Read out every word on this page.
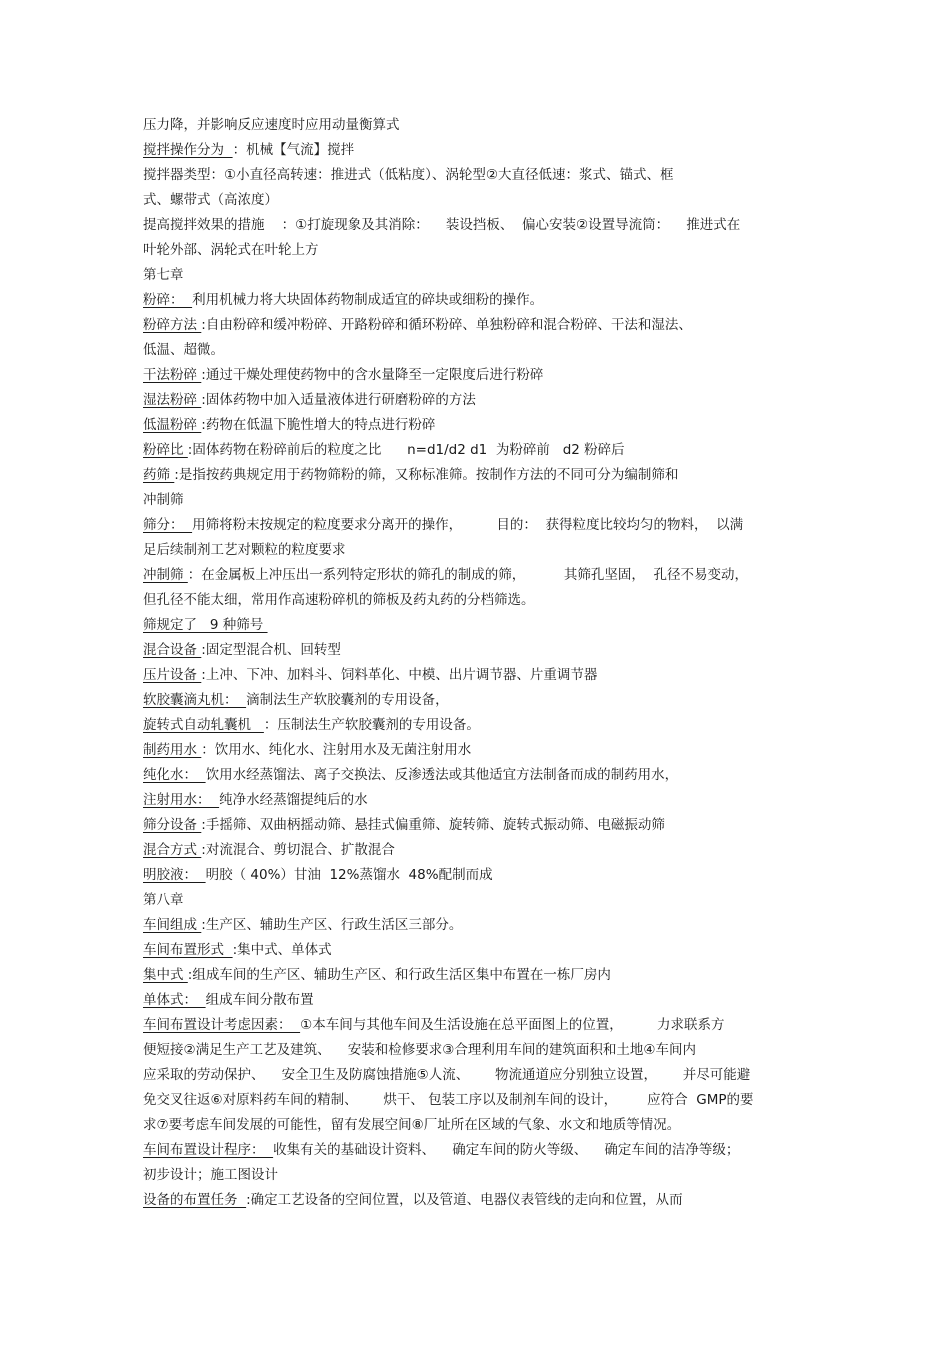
压力降，并影响反应速度时应用动量衡算式
搅拌操作分为  ：机械【气流】搅拌
搅拌器类型：①小直径高转速：推进式（低粘度）、涡轮型②大直径低速：浆式、锚式、框
式、螺带式（高浓度）
提高搅拌效果的措施    ：①打旋现象及其消除：    装设挡板、  偏心安装②设置导流筒：    推进式在
叶轮外部、涡轮式在叶轮上方
第七章
粉碎：  利用机械力将大块固体药物制成适宜的碎块或细粉的操作。
粉碎方法 :自由粉碎和缓冲粉碎、开路粉碎和循环粉碎、单独粉碎和混合粉碎、干法和湿法、
低温、超微。
干法粉碎 :通过干燥处理使药物中的含水量降至一定限度后进行粉碎
湿法粉碎 :固体药物中加入适量液体进行研磨粉碎的方法
低温粉碎 :药物在低温下脆性增大的特点进行粉碎
粉碎比 :固体药物在粉碎前后的粒度之比      n=d1/d2 d1  为粉碎前   d2 粉碎后
药筛 :是指按药典规定用于药物筛粉的筛，又称标准筛。按制作方法的不同可分为编制筛和
冲制筛
筛分：  用筛将粉末按规定的粒度要求分离开的操作，        目的：  获得粒度比较均匀的物料，  以满
足后续制剂工艺对颗粒的粒度要求
冲制筛 ：在金属板上冲压出一系列特定形状的筛孔的制成的筛，         其筛孔坚固，  孔径不易变动，
但孔径不能太细，常用作高速粉碎机的筛板及药丸药的分档筛选。
筛规定了   9 种筛号
混合设备 :固定型混合机、回转型
压片设备 :上冲、下冲、加料斗、饲料革化、中模、出片调节器、片重调节器
软胶囊滴丸机：  滴制法生产软胶囊剂的专用设备，
旋转式自动轧囊机   ：压制法生产软胶囊剂的专用设备。
制药用水 ：饮用水、纯化水、注射用水及无菌注射用水
纯化水：  饮用水经蒸馏法、离子交换法、反渗透法或其他适宜方法制备而成的制药用水，
注射用水：  纯净水经蒸馏提纯后的水
筛分设备 :手摇筛、双曲柄摇动筛、悬挂式偏重筛、旋转筛、旋转式振动筛、电磁振动筛
混合方式 :对流混合、剪切混合、扩散混合
明胶液：  明胶（ 40%）甘油  12%蒸馏水  48%配制而成
第八章
车间组成 :生产区、辅助生产区、行政生活区三部分。
车间布置形式  :集中式、单体式
集中式 :组成车间的生产区、辅助生产区、和行政生活区集中布置在一栋厂房内
单体式：  组成车间分散布置
车间布置设计考虑因素：  ①本车间与其他车间及生活设施在总平面图上的位置，        力求联系方
便短接②满足生产工艺及建筑、    安装和检修要求③合理利用车间的建筑面积和土地④车间内
应采取的劳动保护、    安全卫生及防腐蚀措施⑤人流、      物流通道应分别独立设置，      并尽可能避
免交叉往返⑥对原料药车间的精制、      烘干、 包装工序以及制剂车间的设计，       应符合  GMP的要
求⑦要考虑车间发展的可能性，留有发展空间⑧厂址所在区域的气象、水文和地质等情况。
车间布置设计程序：  收集有关的基础设计资料、    确定车间的防火等级、    确定车间的洁净等级；
初步设计；施工图设计
设备的布置任务  :确定工艺设备的空间位置，以及管道、电器仪表管线的走向和位置，从而
